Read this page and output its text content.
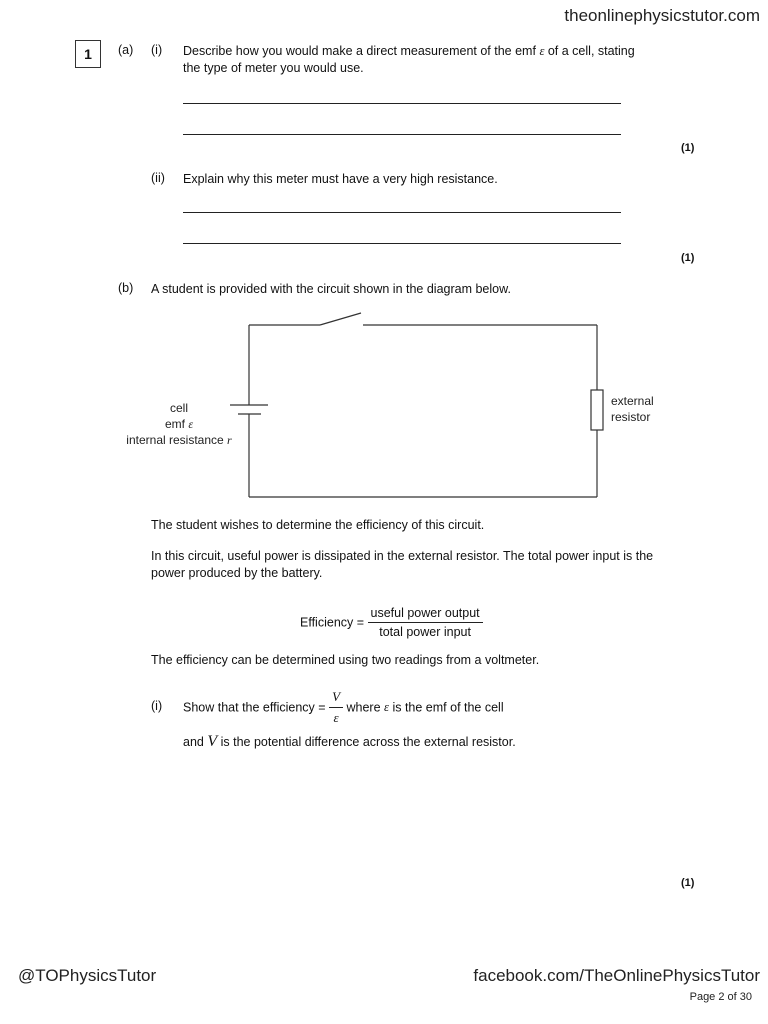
theonlinephysicstutor.com
1	(a) (i) Describe how you would make a direct measurement of the emf ε of a cell, stating
the type of meter you would use.
(1)
(ii) Explain why this meter must have a very high resistance.
(1)
(b) A student is provided with the circuit shown in the diagram below.
cell
emf ε
internal resistance r
external
resistor
The student wishes to determine the efficiency of this circuit.
In this circuit, useful power is dissipated in the external resistor. The total power input is the power produced by the battery.
Efficiency = $\frac{\text{useful power output}}{\text{total power input}}$
The efficiency can be determined using two readings from a voltmeter.
(i) Show that the efficiency = $\frac{V}{\varepsilon}$ where ε is the emf of the cell
and V is the potential difference across the external resistor.
(1)
@TOPhysicsTutor	facebook.com/TheOnlinePhysicsTutor
Page 2 of 30
